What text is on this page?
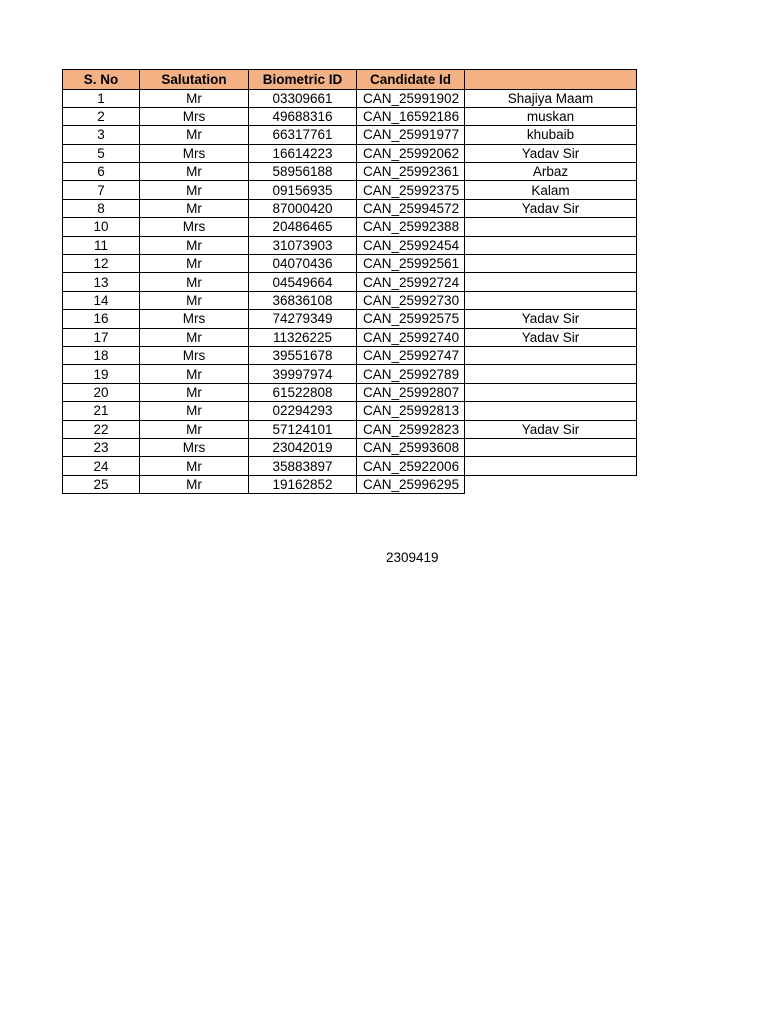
S. No	Salutation	Biometric ID	Candidate Id	
1	Mr	03309661	CAN_25991902	Shajiya Maam
2	Mrs	49688316	CAN_16592186	muskan
3	Mr	66317761	CAN_25991977	khubaib
5	Mrs	16614223	CAN_25992062	Yadav Sir
6	Mr	58956188	CAN_25992361	Arbaz
7	Mr	09156935	CAN_25992375	Kalam
8	Mr	87000420	CAN_25994572	Yadav Sir
10	Mrs	20486465	CAN_25992388	
11	Mr	31073903	CAN_25992454	
12	Mr	04070436	CAN_25992561	
13	Mr	04549664	CAN_25992724	
14	Mr	36836108	CAN_25992730	
16	Mrs	74279349	CAN_25992575	Yadav Sir
17	Mr	11326225	CAN_25992740	Yadav Sir
18	Mrs	39551678	CAN_25992747	
19	Mr	39997974	CAN_25992789	
20	Mr	61522808	CAN_25992807	
21	Mr	02294293	CAN_25992813	
22	Mr	57124101	CAN_25992823	Yadav Sir
23	Mrs	23042019	CAN_25993608	
24	Mr	35883897	CAN_25922006	
25	Mr	19162852	CAN_25996295	
2309419
